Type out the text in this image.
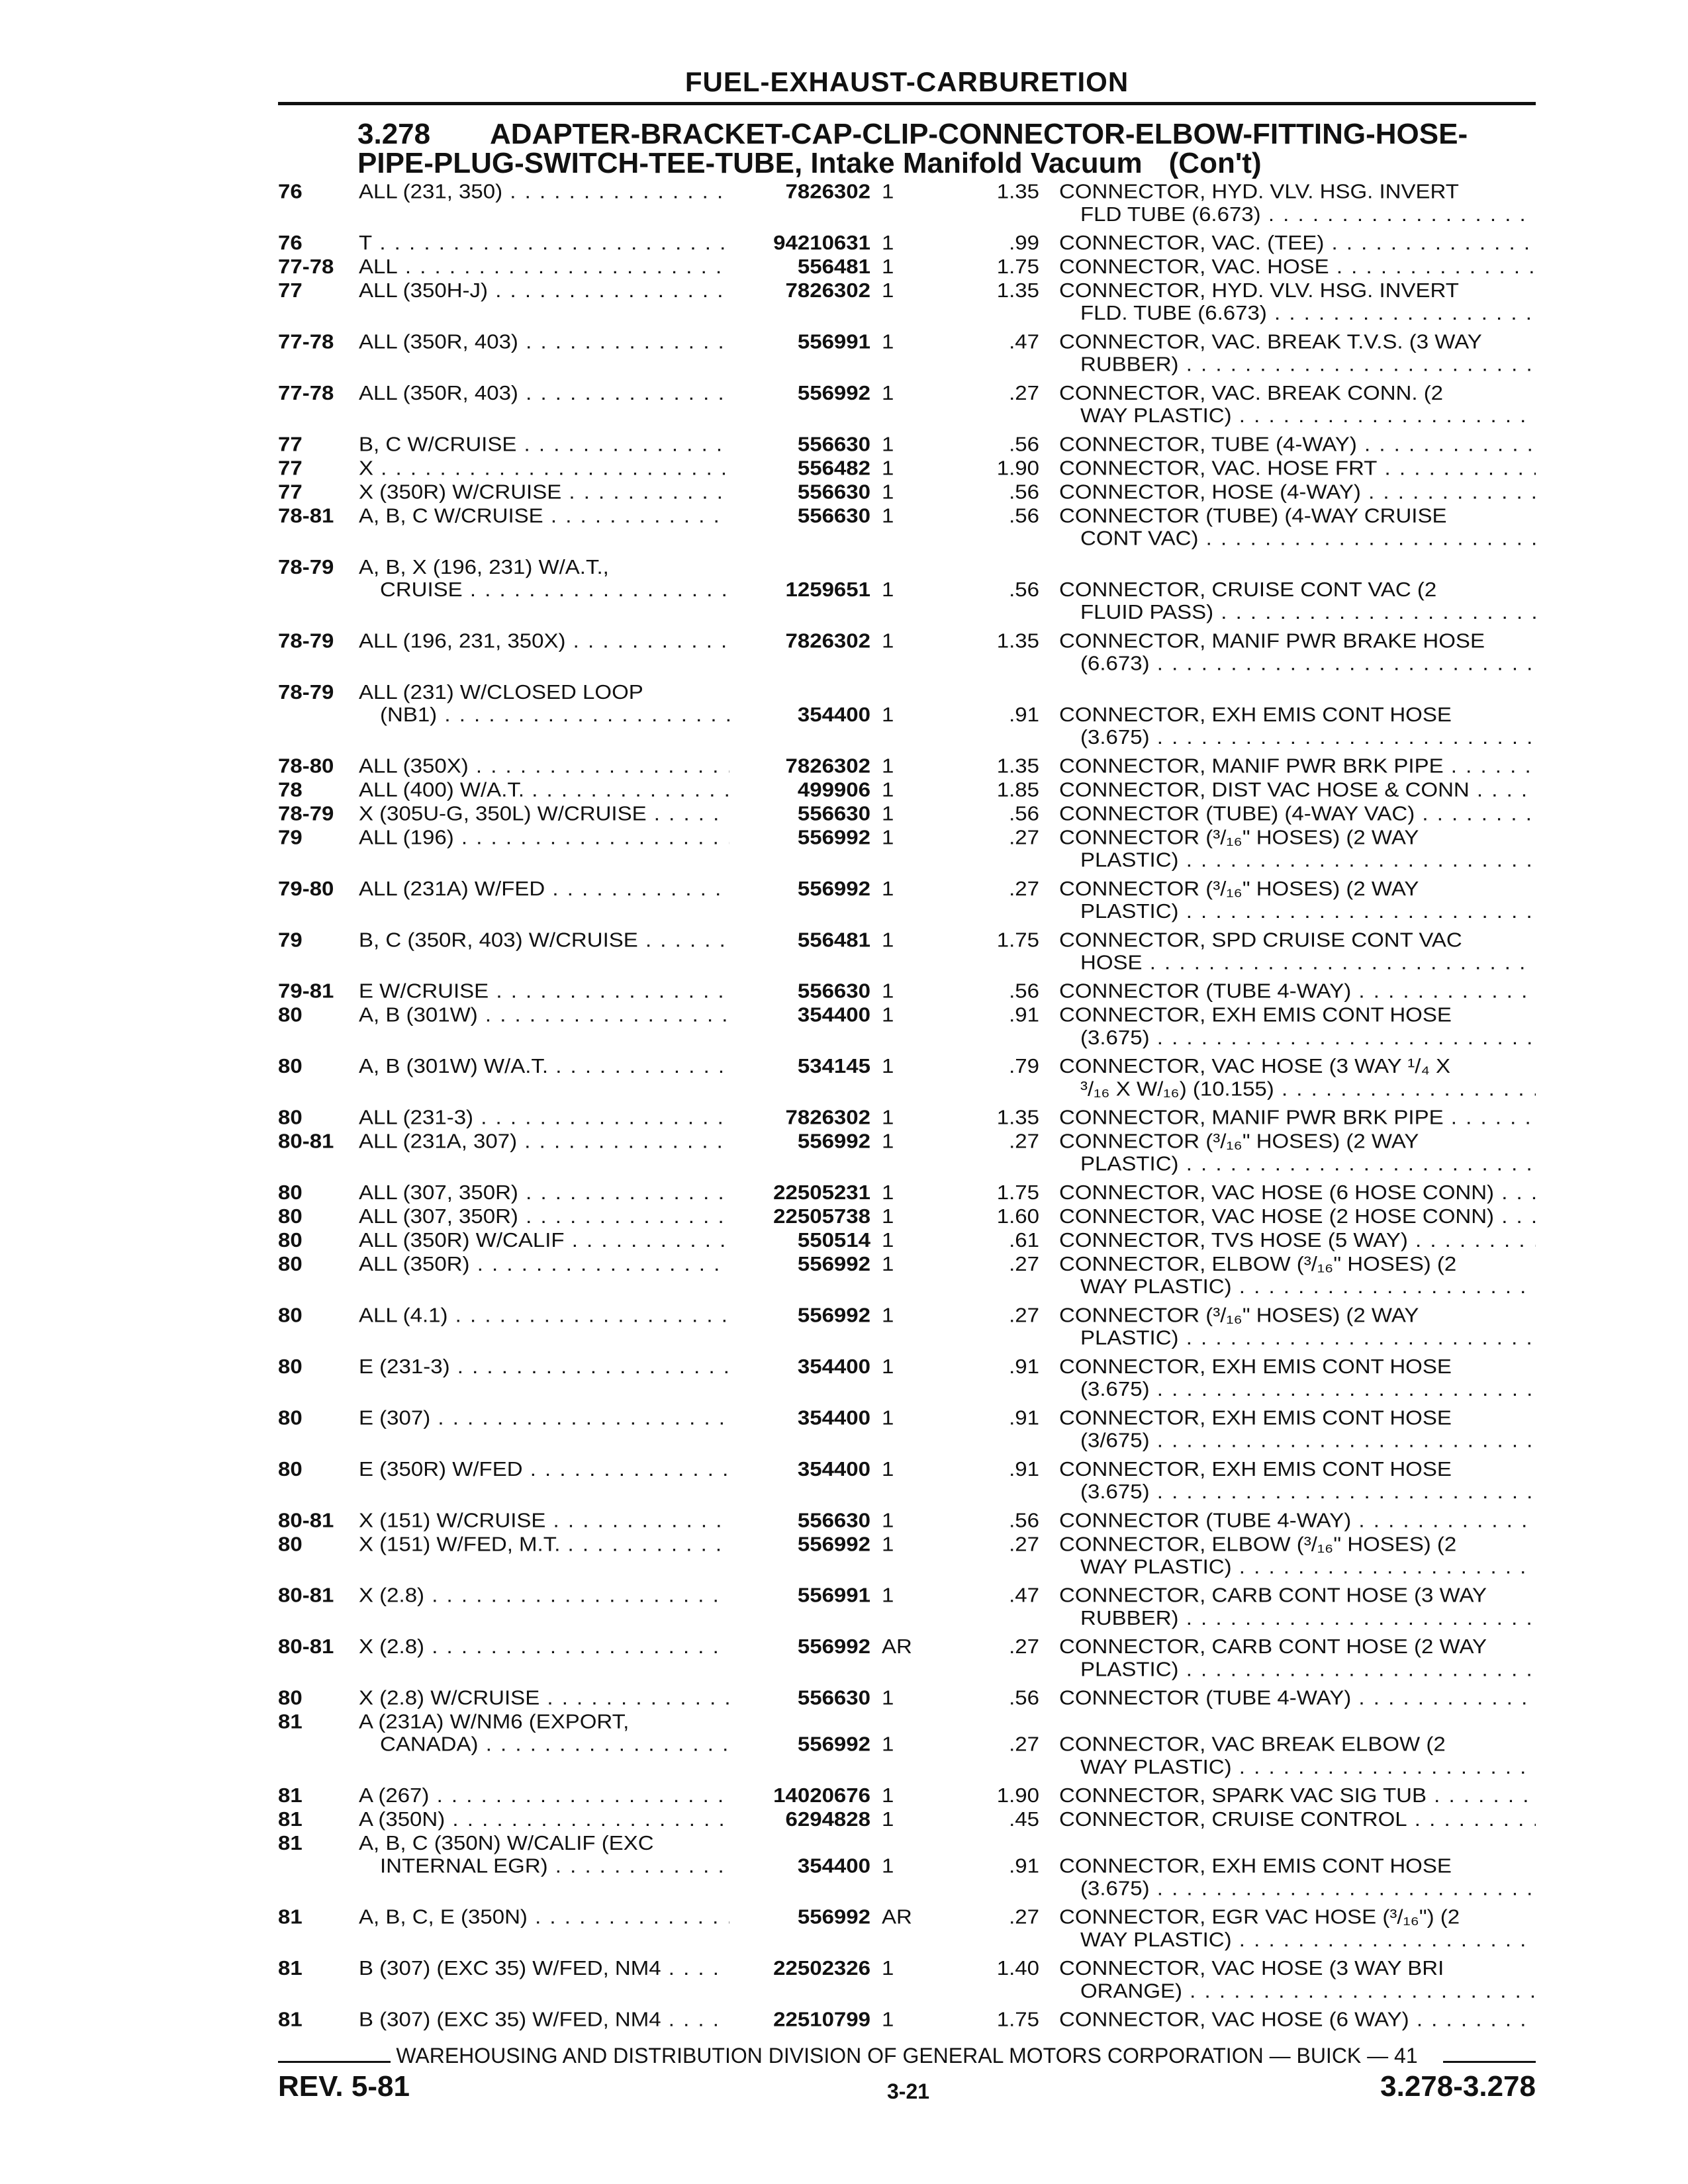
FUEL-EXHAUST-CARBURETION
3.278 ADAPTER-BRACKET-CAP-CLIP-CONNECTOR-ELBOW-FITTING-HOSE-
PIPE-PLUG-SWITCH-TEE-TUBE, Intake Manifold Vacuum (Con't)
76	ALL (231, 350) . . .	7826302 1	1.35 CONNECTOR, HYD. VLV. HSG. INVERT
FLD TUBE (6.673) . . .
76	T . . .	94210631 1	.99 CONNECTOR, VAC. (TEE) . . .
77-78	ALL . . .	556481 1	1.75 CONNECTOR, VAC. HOSE . . .
77	ALL (350H-J) . . .	7826302 1	1.35 CONNECTOR, HYD. VLV. HSG. INVERT
FLD. TUBE (6.673) . . .
77-78	ALL (350R, 403) . . .	556991 1	.47 CONNECTOR, VAC. BREAK T.V.S. (3 WAY
RUBBER) . . .
77-78	ALL (350R, 403) . . .	556992 1	.27 CONNECTOR, VAC. BREAK CONN. (2
WAY PLASTIC) . . .
77	B, C W/CRUISE . . .	556630 1	.56 CONNECTOR, TUBE (4-WAY) . . .
77	X . . .	556482 1	1.90 CONNECTOR, VAC. HOSE FRT . . .
77	X (350R) W/CRUISE . . .	556630 1	.56 CONNECTOR, HOSE (4-WAY) . . .
78-81	A, B, C W/CRUISE . . .	556630 1	.56 CONNECTOR (TUBE) (4-WAY CRUISE
CONT VAC) . . .
78-79	A, B, X (196, 231) W/A.T.,
CRUISE . . .	1259651 1	.56 CONNECTOR, CRUISE CONT VAC (2
FLUID PASS) . . .
78-79	ALL (196, 231, 350X) . . .	7826302 1	1.35 CONNECTOR, MANIF PWR BRAKE HOSE
(6.673) . . .
78-79	ALL (231) W/CLOSED LOOP
(NB1) . . .	354400 1	.91 CONNECTOR, EXH EMIS CONT HOSE
(3.675) . . .
78-80	ALL (350X) . . .	7826302 1	1.35 CONNECTOR, MANIF PWR BRK PIPE . . .
78	ALL (400) W/A.T. . . .	499906 1	1.85 CONNECTOR, DIST VAC HOSE & CONN . . .
78-79	X (305U-G, 350L) W/CRUISE . . .	556630 1	.56 CONNECTOR (TUBE) (4-WAY VAC) . . .
79	ALL (196) . . .	556992 1	.27 CONNECTOR (³/₁₆" HOSES) (2 WAY
PLASTIC) . . .
79-80	ALL (231A) W/FED . . .	556992 1	.27 CONNECTOR (³/₁₆" HOSES) (2 WAY
PLASTIC) . . .
79	B, C (350R, 403) W/CRUISE . . .	556481 1	1.75 CONNECTOR, SPD CRUISE CONT VAC
HOSE . . .
79-81	E W/CRUISE . . .	556630 1	.56 CONNECTOR (TUBE 4-WAY) . . .
80	A, B (301W) . . .	354400 1	.91 CONNECTOR, EXH EMIS CONT HOSE
(3.675) . . .
80	A, B (301W) W/A.T. . . .	534145 1	.79 CONNECTOR, VAC HOSE (3 WAY ¹/₄ X
³/₁₆ X W/₁₆) (10.155) . . .
80	ALL (231-3) . . .	7826302 1	1.35 CONNECTOR, MANIF PWR BRK PIPE . . .
80-81	ALL (231A, 307) . . .	556992 1	.27 CONNECTOR (³/₁₆" HOSES) (2 WAY
PLASTIC) . . .
80	ALL (307, 350R) . . .	22505231 1	1.75 CONNECTOR, VAC HOSE (6 HOSE CONN) . . .
80	ALL (307, 350R) . . .	22505738 1	1.60 CONNECTOR, VAC HOSE (2 HOSE CONN) . . .
80	ALL (350R) W/CALIF . . .	550514 1	.61 CONNECTOR, TVS HOSE (5 WAY) . . .
80	ALL (350R) . . .	556992 1	.27 CONNECTOR, ELBOW (³/₁₆" HOSES) (2
WAY PLASTIC) . . .
80	ALL (4.1) . . .	556992 1	.27 CONNECTOR (³/₁₆" HOSES) (2 WAY
PLASTIC) . . .
80	E (231-3) . . .	354400 1	.91 CONNECTOR, EXH EMIS CONT HOSE
(3.675) . . .
80	E (307) . . .	354400 1	.91 CONNECTOR, EXH EMIS CONT HOSE
(3/675) . . .
80	E (350R) W/FED . . .	354400 1	.91 CONNECTOR, EXH EMIS CONT HOSE
(3.675) . . .
80-81	X (151) W/CRUISE . . .	556630 1	.56 CONNECTOR (TUBE 4-WAY) . . .
80	X (151) W/FED, M.T. . . .	556992 1	.27 CONNECTOR, ELBOW (³/₁₆" HOSES) (2
WAY PLASTIC) . . .
80-81	X (2.8) . . .	556991 1	.47 CONNECTOR, CARB CONT HOSE (3 WAY
RUBBER) . . .
80-81	X (2.8) . . .	556992 AR	.27 CONNECTOR, CARB CONT HOSE (2 WAY
PLASTIC) . . .
80	X (2.8) W/CRUISE . . .	556630 1	.56 CONNECTOR (TUBE 4-WAY) . . .
81	A (231A) W/NM6 (EXPORT,
CANADA) . . .	556992 1	.27 CONNECTOR, VAC BREAK ELBOW (2
WAY PLASTIC) . . .
81	A (267) . . .	14020676 1	1.90 CONNECTOR, SPARK VAC SIG TUB . . .
81	A (350N) . . .	6294828 1	.45 CONNECTOR, CRUISE CONTROL . . .
81	A, B, C (350N) W/CALIF (EXC
INTERNAL EGR) . . .	354400 1	.91 CONNECTOR, EXH EMIS CONT HOSE
(3.675) . . .
81	A, B, C, E (350N) . . .	556992 AR	.27 CONNECTOR, EGR VAC HOSE (³/₁₆") (2
WAY PLASTIC) . . .
81	B (307) (EXC 35) W/FED, NM4 . . .	22502326 1	1.40 CONNECTOR, VAC HOSE (3 WAY BRI
ORANGE) . . .
81	B (307) (EXC 35) W/FED, NM4 . . .	22510799 1	1.75 CONNECTOR, VAC HOSE (6 WAY) . . .
WAREHOUSING AND DISTRIBUTION DIVISION OF GENERAL MOTORS CORPORATION — BUICK — 41
REV. 5-81	3-21	3.278-3.278
